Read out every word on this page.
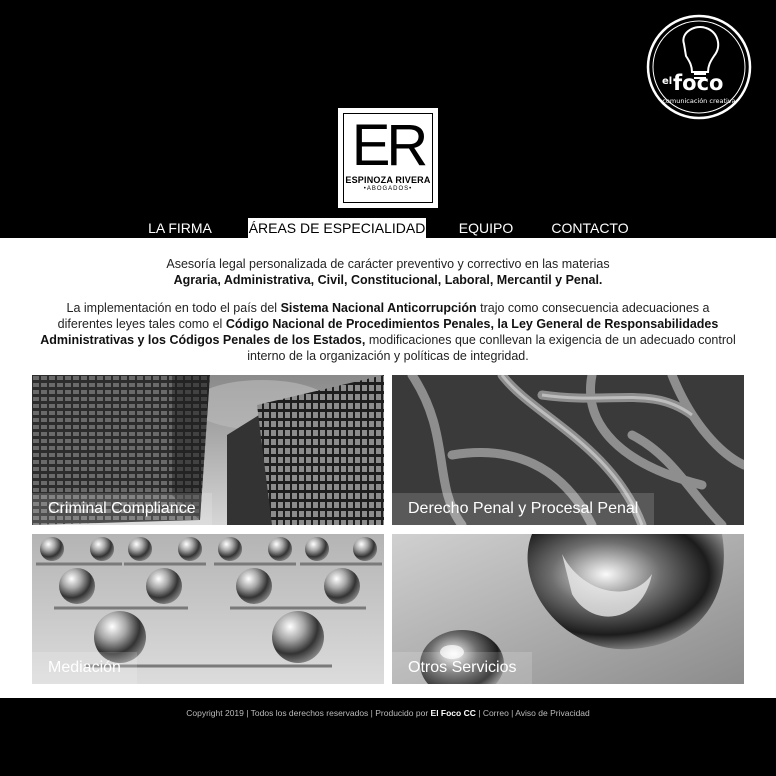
el foco
comunicación creativa
ER
ESPINOZA RIVERA
•ABOGADOS•
LA FIRMA	ÁREAS DE ESPECIALIDAD	EQUIPO	CONTACTO

Asesoría legal personalizada de carácter preventivo y correctivo en las materias
Agraria, Administrativa, Civil, Constitucional, Laboral, Mercantil y Penal.

La implementación en todo el país del Sistema Nacional Anticorrupción trajo como consecuencia adecuaciones a diferentes leyes tales como el Código Nacional de Procedimientos Penales, la Ley General de Responsabilidades Administrativas y los Códigos Penales de los Estados, modificaciones que conllevan la exigencia de un adecuado control interno de la organización y políticas de integridad.

Criminal Compliance	Derecho Penal y Procesal Penal
Mediación	Otros Servicios
Copyright 2019 | Todos los derechos reservados | Producido por El Foco CC | Correo | Aviso de Privacidad
